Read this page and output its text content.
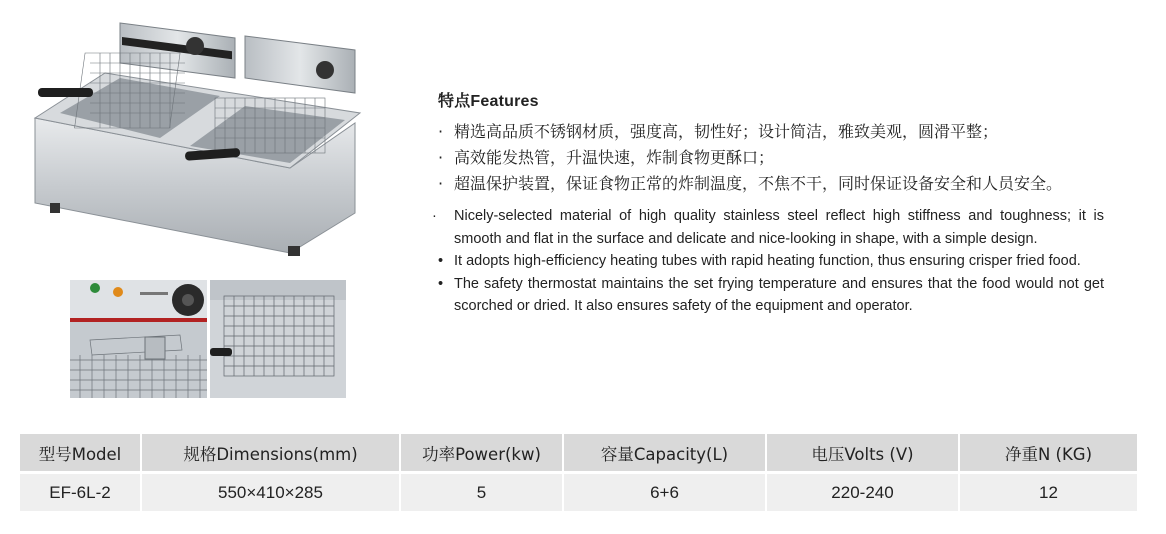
特点Features
· 精选高品质不锈钢材质，强度高，韧性好；设计简洁，雅致美观，圆滑平整；
· 高效能发热管，升温快速，炸制食物更酥口；
· 超温保护装置，保证食物正常的炸制温度，不焦不干，同时保证设备安全和人员安全。
· Nicely-selected material of high quality stainless steel reflect high stiffness and toughness; it is smooth and flat in the surface and delicate and nice-looking in shape, with a simple design.
• It adopts high-efficiency heating tubes with rapid heating function, thus ensuring crisper fried food.
• The safety thermostat maintains the set frying temperature and ensures that the food would not get scorched or dried. It also ensures safety of the equipment and operator.
型号Model	规格Dimensions(mm)	功率Power(kw)	容量Capacity(L)	电压Volts (V)	净重N (KG)
EF-6L-2	550×410×285	5	6+6	220-240	12
